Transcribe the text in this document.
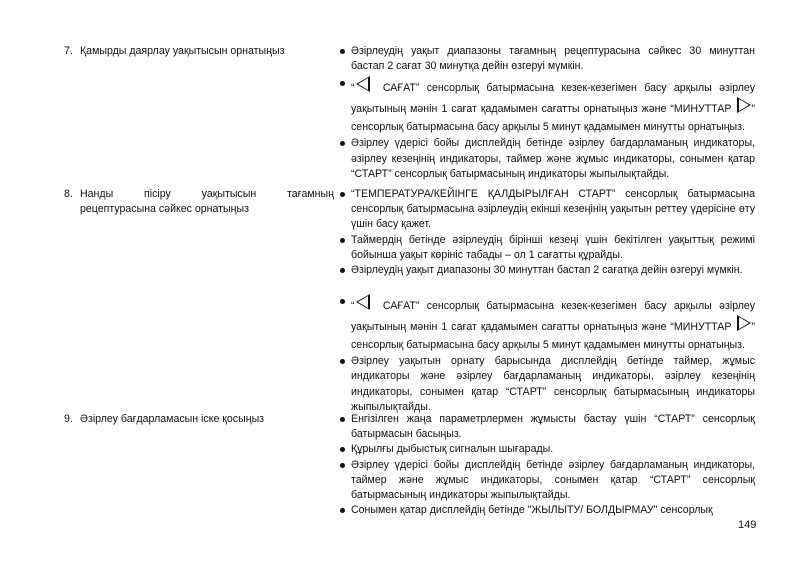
7. Қамырды даярлау уақытысын орнатыңыз	Әзірлеудің уақыт диапазоны тағамның рецептурасына сәйкес 30 минуттан бастап 2 сағат 30 минутқа дейін өзгеруі мүмкін.
“ САҒАТ” сенсорлық батырмасына кезек-кезегімен басу арқылы әзірлеу уақытының мәнін 1 сағат қадамымен сағатты орнатыңыз және “МИНУТТАР ” сенсорлық батырмасына басу арқылы 5 минут қадамымен минутты орнатыңыз.
Әзірлеу үдерісі бойы дисплейдің бетінде әзірлеу бағдарламаның индикаторы, әзірлеу кезеңінің индикаторы, таймер және жұмыс индикаторы, сонымен қатар “СТАРТ” сенсорлық батырмасының индикаторы жыпылықтайды.
8. Нанды пісіру уақытысын тағамның
рецептурасына сәйкес орнатыңыз
“ТЕМПЕРАТУРА/КЕЙІНГЕ ҚАЛДЫРЫЛҒАН СТАРТ” сенсорлық батырмасына сенсорлық батырмасына әзірлеудің екінші кезеңінің уақытын реттеу үдерісіне өту үшін басу қажет.
Таймердің бетінде әзірлеудің бірінші кезеңі үшін бекітілген уақыттық режимі бойынша уақыт көрініс табады – ол 1 сағатты құрайды.
Әзірлеудің уақыт диапазоны 30 минуттан бастап 2 сағатқа дейін өзгеруі мүмкін.
“ САҒАТ” сенсорлық батырмасына кезек-кезегімен басу арқылы әзірлеу уақытының мәнін 1 сағат қадамымен сағатты орнатыңыз және “МИНУТТАР ” сенсорлық батырмасына басу арқылы 5 минут қадамымен минутты орнатыңыз.
Әзірлеу уақытын орнату барысында дисплейдің бетінде таймер, жұмыс индикаторы және әзірлеу бағдарламаның индикаторы, әзірлеу кезеңінің индикаторы, сонымен қатар “СТАРТ” сенсорлық батырмасының индикаторы жыпылықтайды.
9. Әзірлеу бағдарламасын іске қосыңыз	Енгізілген жаңа параметрлермен жұмысты бастау үшін “СТАРТ” сенсорлық батырмасын басыңыз.
Құрылғы дыбыстық сигналын шығарады.
Әзірлеу үдерісі бойы дисплейдің бетінде әзірлеу бағдарламаның индикаторы, таймер және жұмыс индикаторы, сонымен қатар “СТАРТ” сенсорлық батырмасының индикаторы жыпылықтайды.
Сонымен қатар дисплейдің бетінде "ЖЫЛЫТУ/ БОЛДЫРМАУ" сенсорлық
149
